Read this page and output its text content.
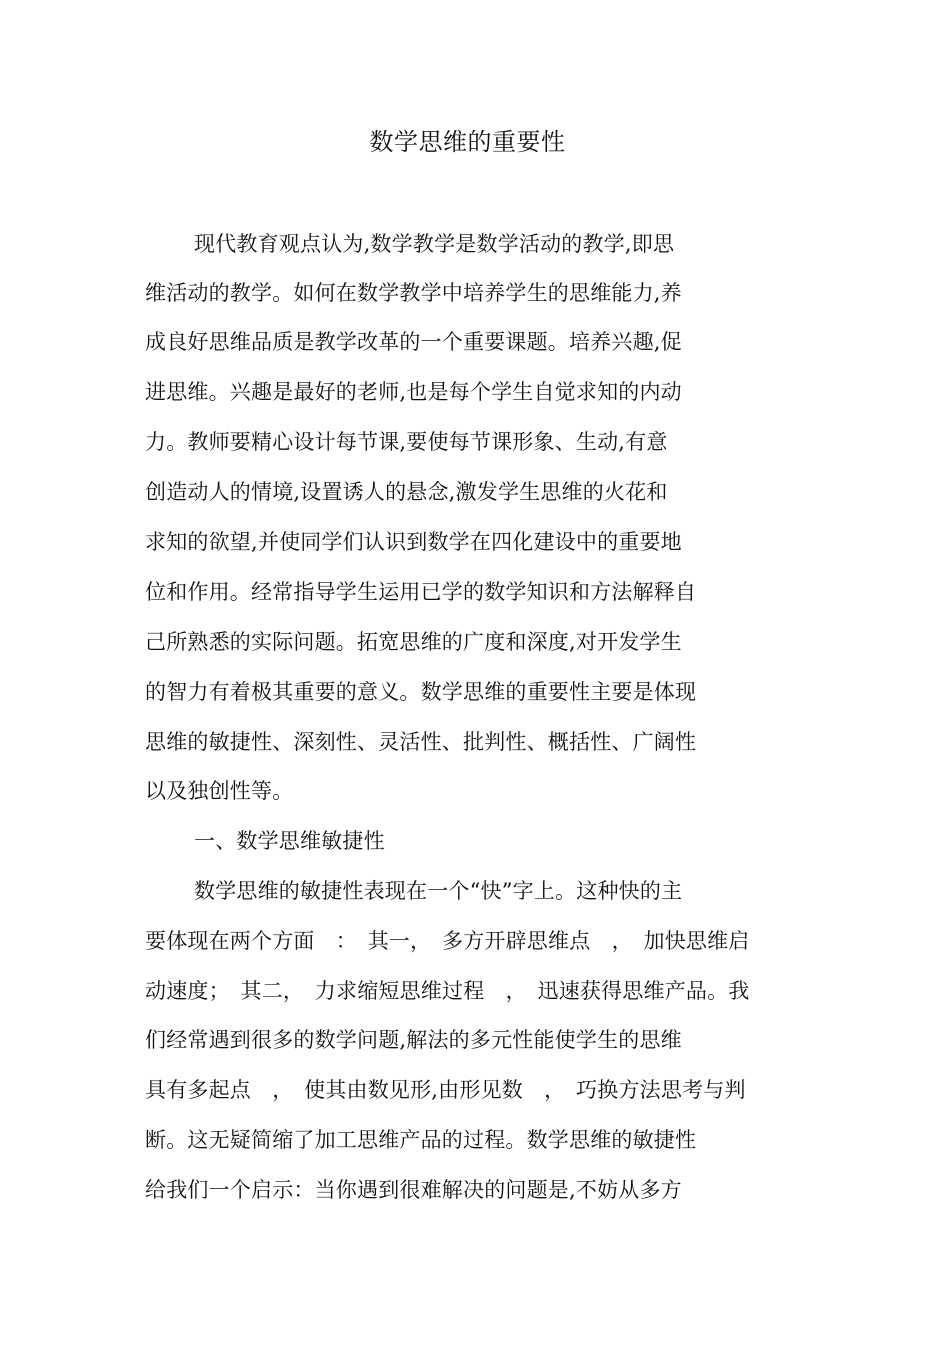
数学思维的重要性
现代教育观点认为,数学教学是数学活动的教学,即思
维活动的教学。如何在数学教学中培养学生的思维能力,养
成良好思维品质是教学改革的一个重要课题。培养兴趣,促
进思维。兴趣是最好的老师,也是每个学生自觉求知的内动
力。教师要精心设计每节课,要使每节课形象、生动,有意
创造动人的情境,设置诱人的悬念,激发学生思维的火花和
求知的欲望,并使同学们认识到数学在四化建设中的重要地
位和作用。经常指导学生运用已学的数学知识和方法解释自
己所熟悉的实际问题。拓宽思维的广度和深度,对开发学生
的智力有着极其重要的意义。数学思维的重要性主要是体现
思维的敏捷性、深刻性、灵活性、批判性、概括性、广阔性
以及独创性等。
一、数学思维敏捷性
数学思维的敏捷性表现在一个“快”字上。这种快的主
要体现在两个方面　：　其一，　多方开辟思维点　，　加快思维启
动速度；　其二，　力求缩短思维过程　，　迅速获得思维产品。我
们经常遇到很多的数学问题,解法的多元性能使学生的思维
具有多起点　，　使其由数见形,由形见数　，　巧换方法思考与判
断。这无疑简缩了加工思维产品的过程。数学思维的敏捷性
给我们一个启示：当你遇到很难解决的问题是,不妨从多方
